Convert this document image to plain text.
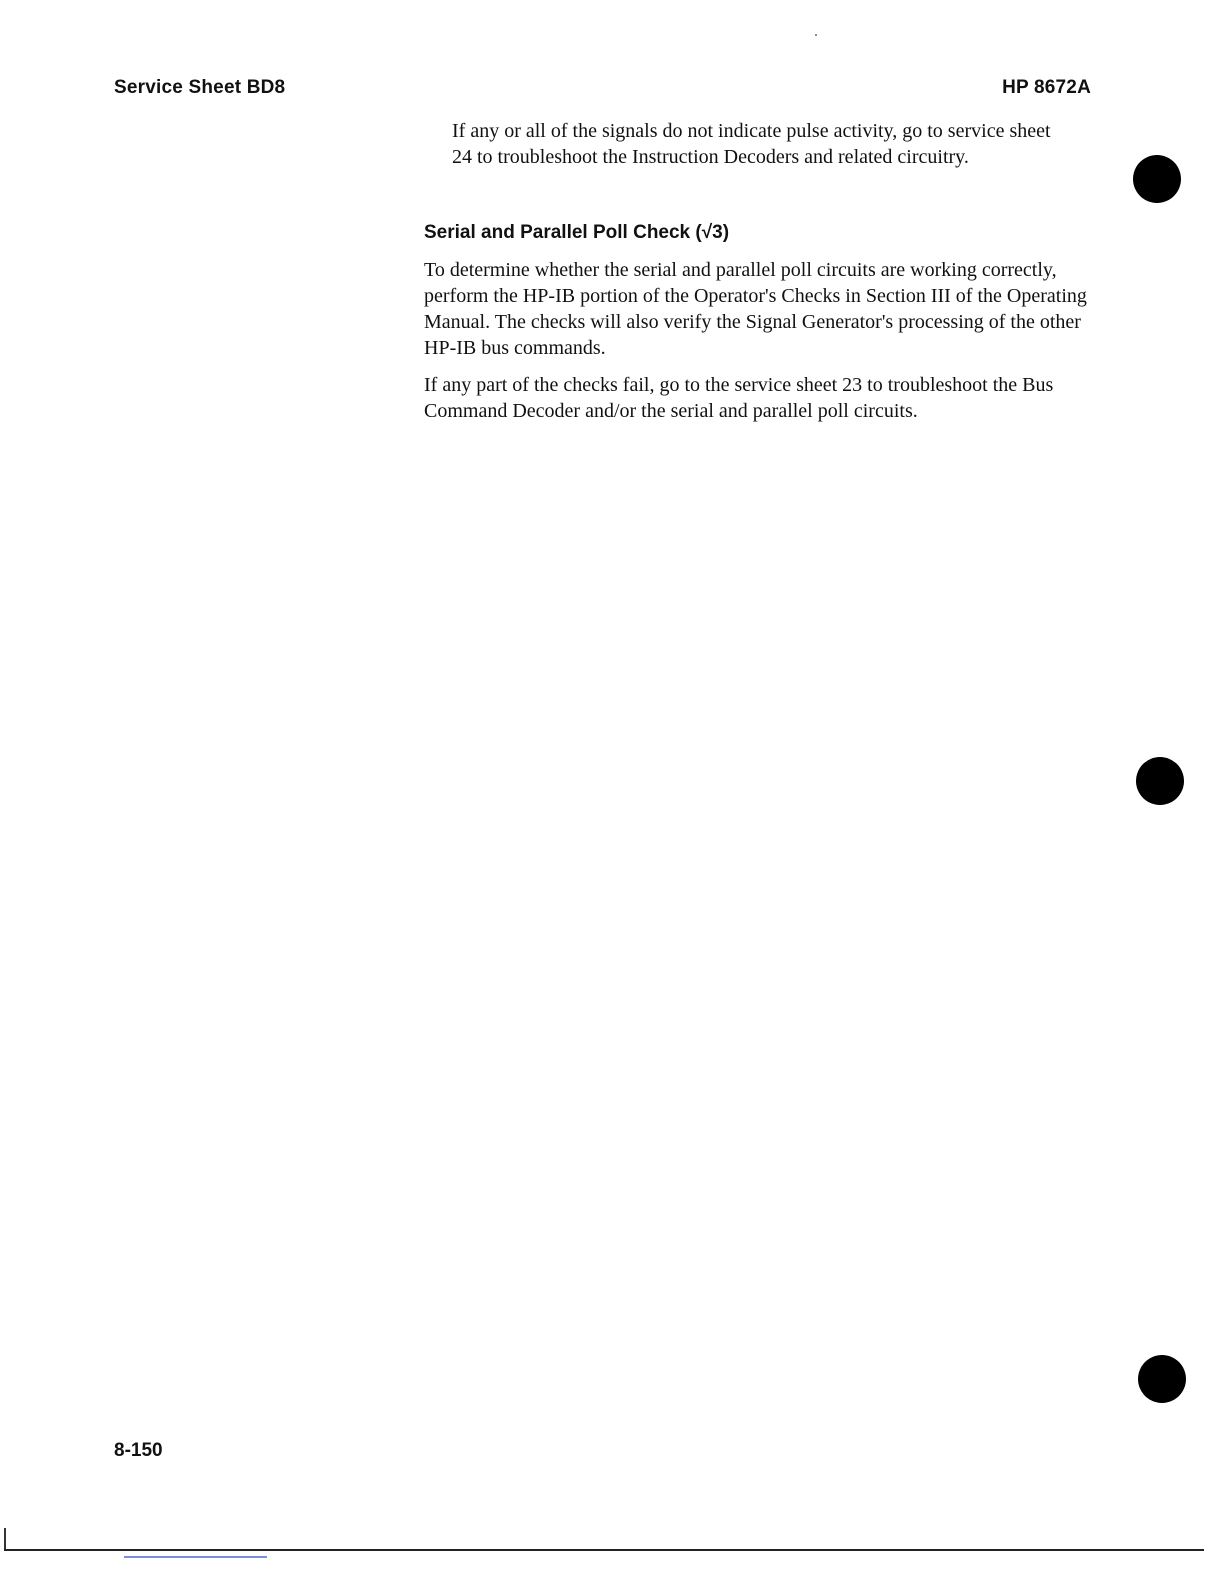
Service Sheet BD8	HP 8672A

If any or all of the signals do not indicate pulse activity, go to service sheet 24 to troubleshoot the Instruction Decoders and related circuitry.

Serial and Parallel Poll Check (√3)

To determine whether the serial and parallel poll circuits are working correctly, perform the HP-IB portion of the Operator's Checks in Section III of the Operating Manual. The checks will also verify the Signal Generator's processing of the other HP-IB bus commands.

If any part of the checks fail, go to the service sheet 23 to troubleshoot the Bus Command Decoder and/or the serial and parallel poll circuits.

8-150
